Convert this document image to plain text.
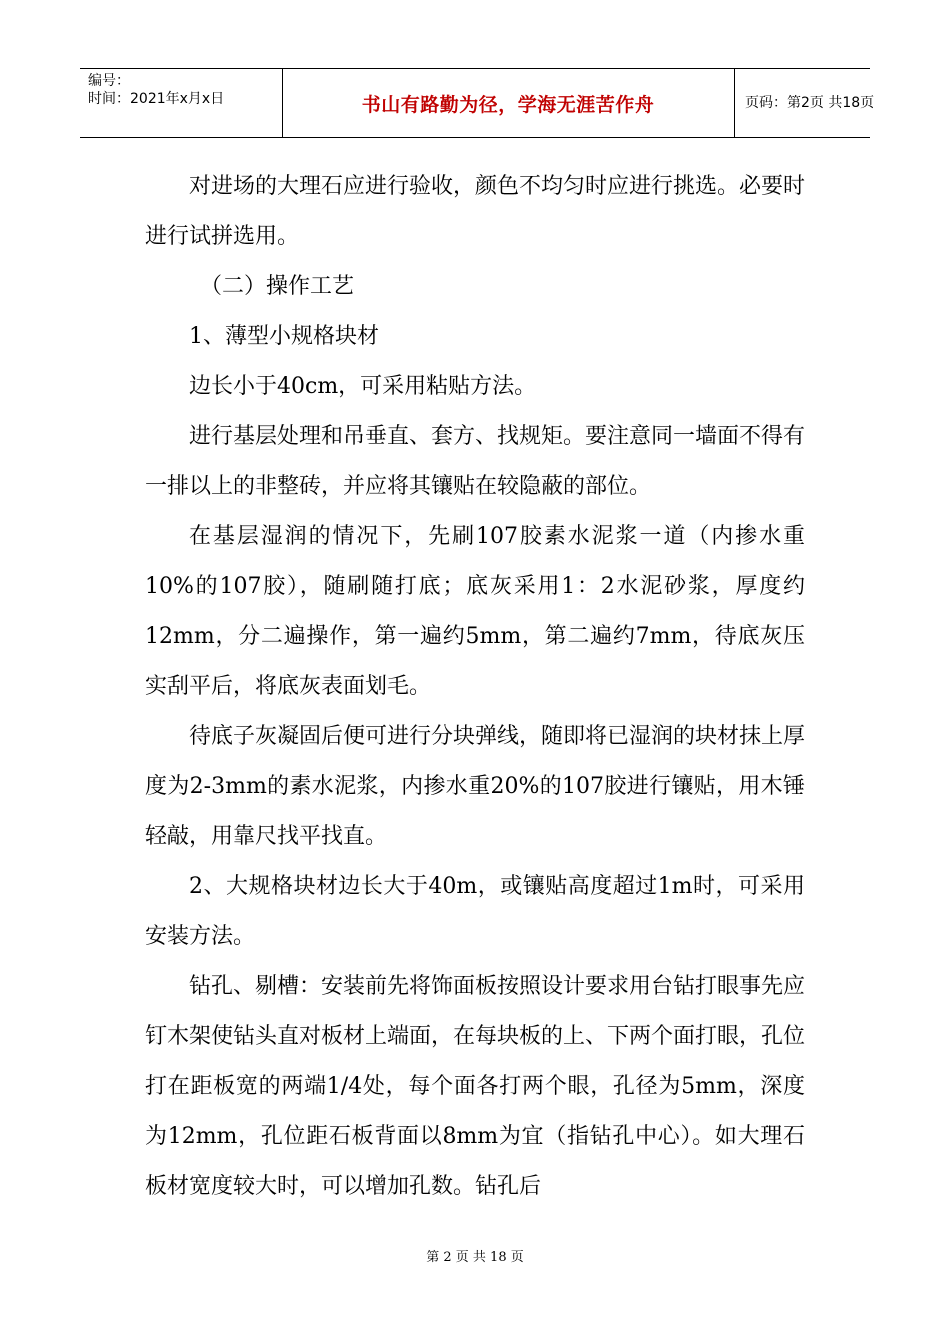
编号：
时间：2021年x月x日	书山有路勤为径，学海无涯苦作舟	页码：第2页 共18页

对进场的大理石应进行验收，颜色不均匀时应进行挑选。必要时进行试拼选用。

（二）操作工艺

1、薄型小规格块材

边长小于40cm，可采用粘贴方法。

进行基层处理和吊垂直、套方、找规矩。要注意同一墙面不得有一排以上的非整砖，并应将其镶贴在较隐蔽的部位。

在基层湿润的情况下，先刷107胶素水泥浆一道（内掺水重10%的107胶），随刷随打底；底灰采用1：2水泥砂浆，厚度约12mm，分二遍操作，第一遍约5mm，第二遍约7mm，待底灰压实刮平后，将底灰表面划毛。

待底子灰凝固后便可进行分块弹线，随即将已湿润的块材抹上厚度为2-3mm的素水泥浆，内掺水重20%的107胶进行镶贴，用木锤轻敲，用靠尺找平找直。

2、大规格块材边长大于40m，或镶贴高度超过1m时，可采用安装方法。

钻孔、剔槽：安装前先将饰面板按照设计要求用台钻打眼事先应钉木架使钻头直对板材上端面，在每块板的上、下两个面打眼，孔位打在距板宽的两端1/4处，每个面各打两个眼，孔径为5mm，深度为12mm，孔位距石板背面以8mm为宜（指钻孔中心）。如大理石板材宽度较大时，可以增加孔数。钻孔后

第 2 页 共 18 页
